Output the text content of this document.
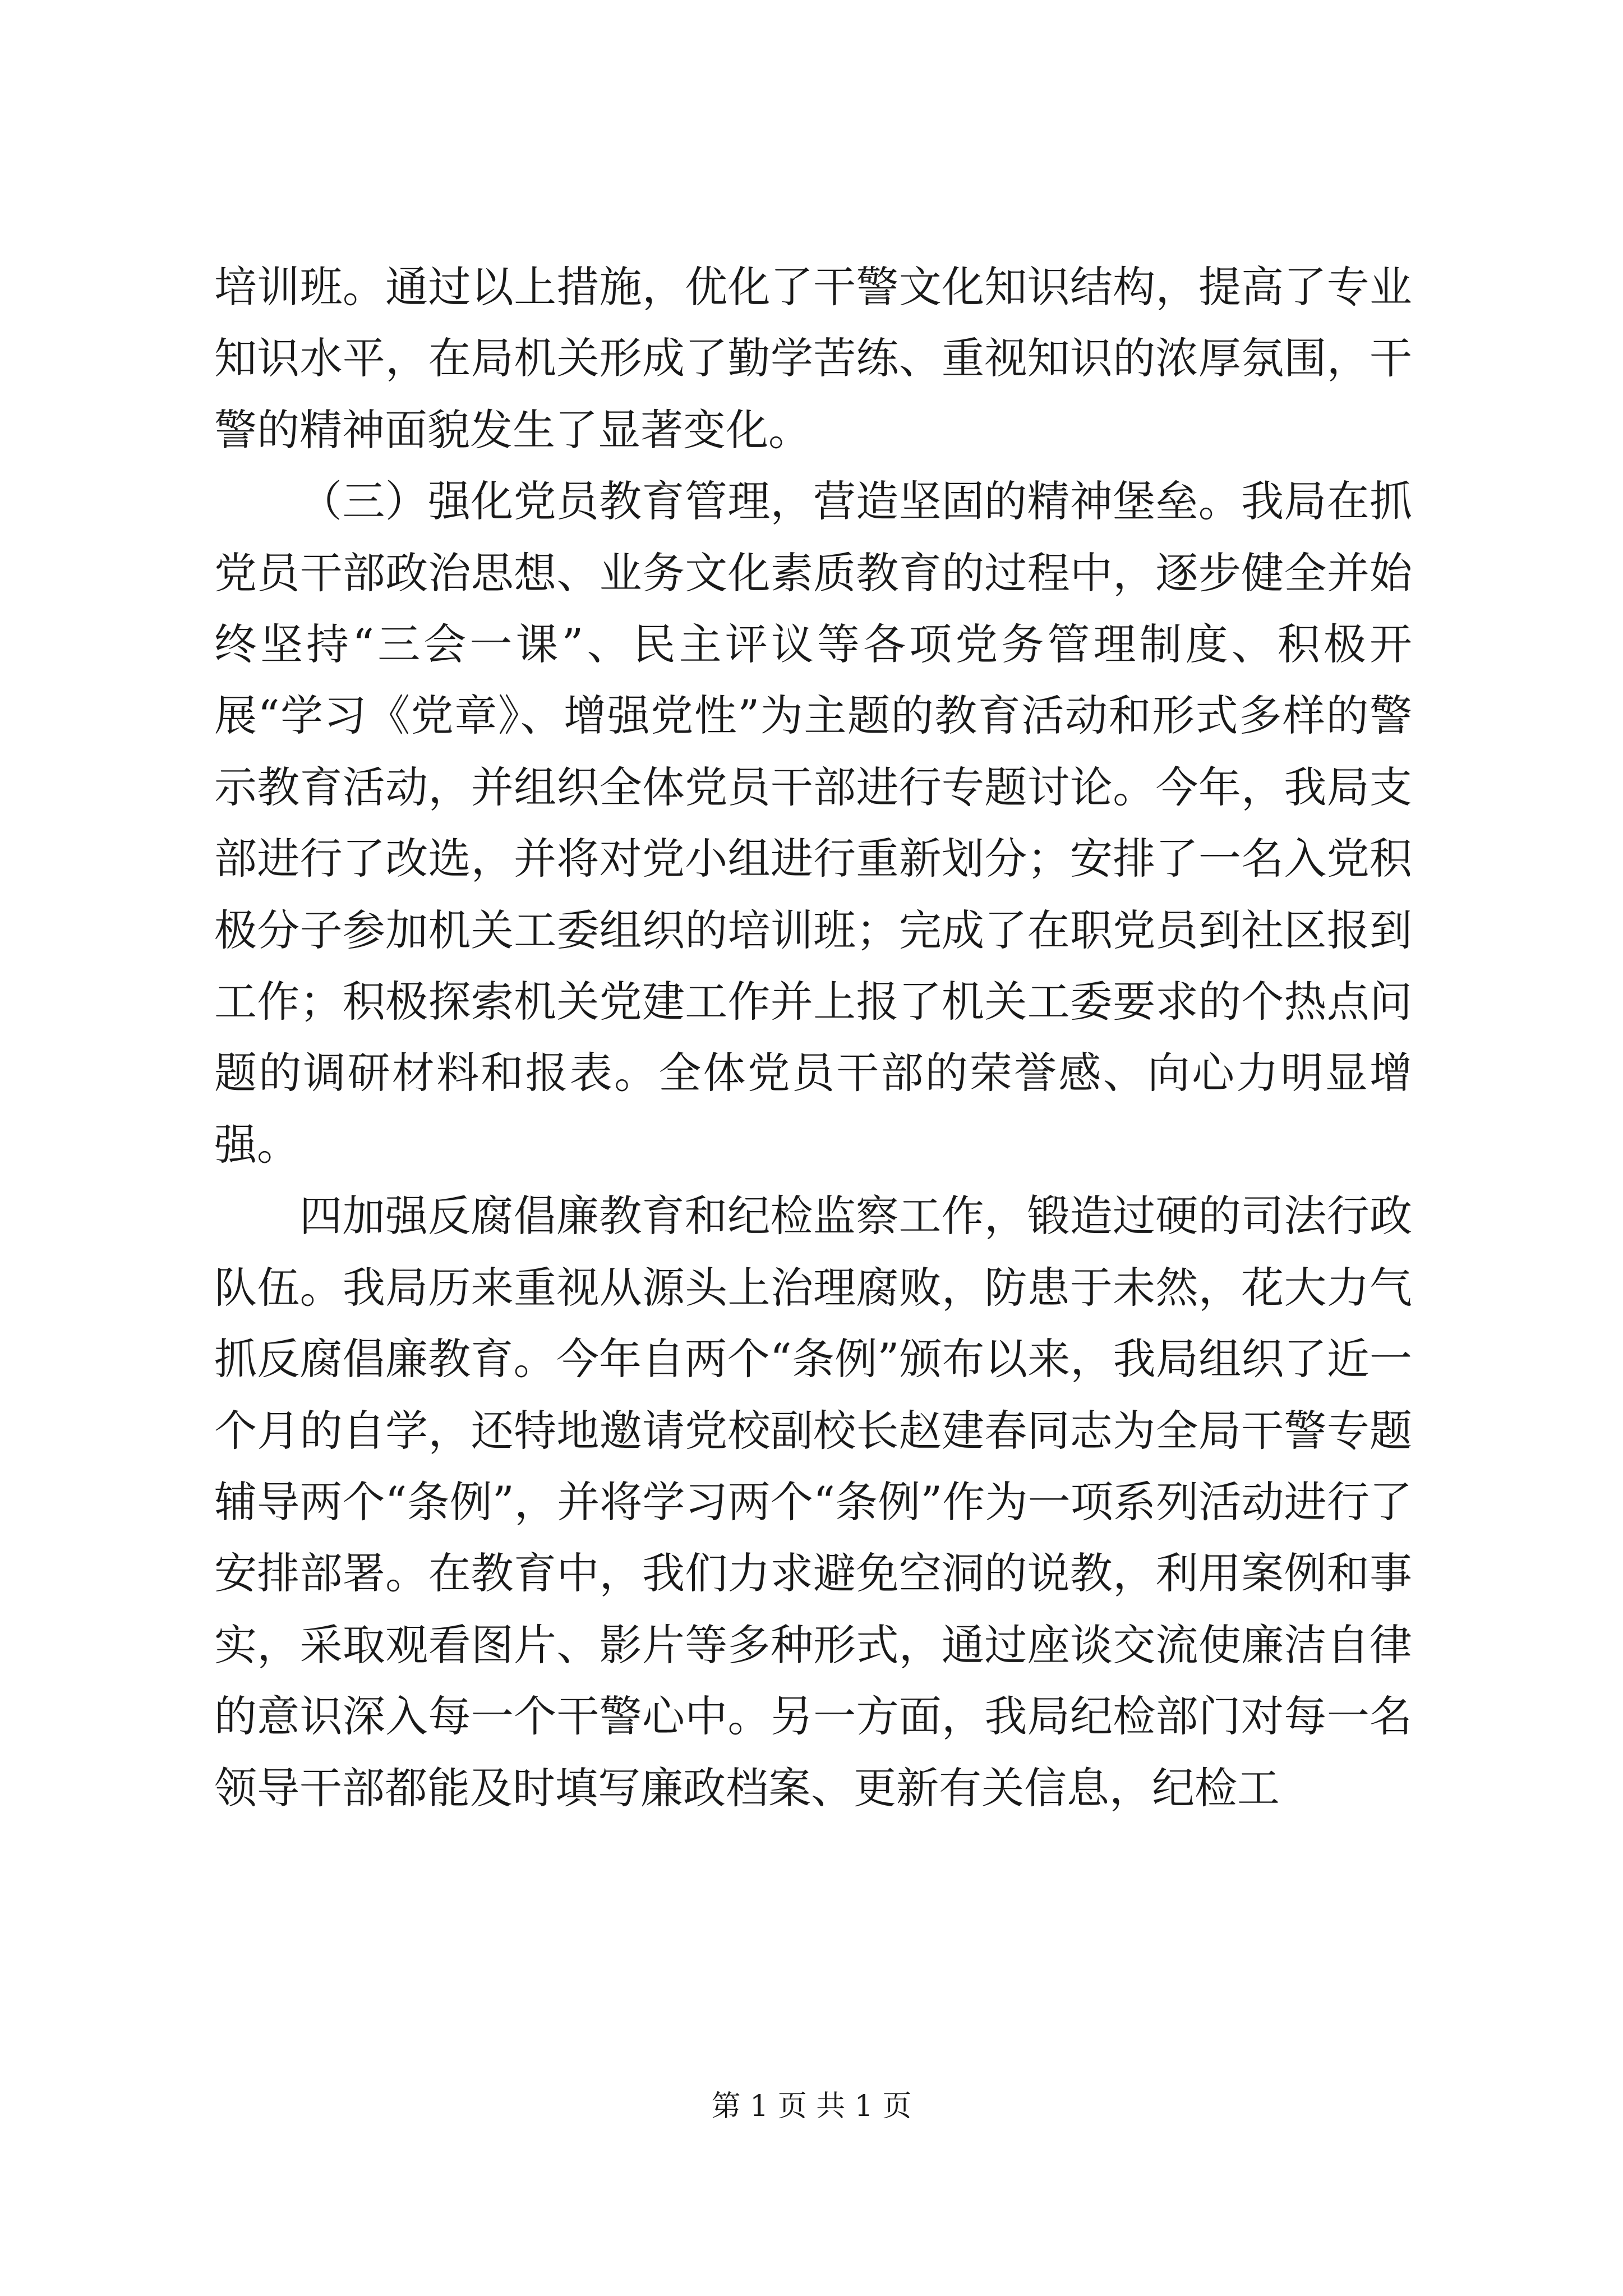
培训班。通过以上措施，优化了干警文化知识结构，提高了专业知识水平，在局机关形成了勤学苦练、重视知识的浓厚氛围，干警的精神面貌发生了显著变化。

（三）强化党员教育管理，营造坚固的精神堡垒。我局在抓党员干部政治思想、业务文化素质教育的过程中，逐步健全并始终坚持“三会一课”、民主评议等各项党务管理制度、积极开展“学习《党章》、增强党性”为主题的教育活动和形式多样的警示教育活动，并组织全体党员干部进行专题讨论。今年，我局支部进行了改选，并将对党小组进行重新划分；安排了一名入党积极分子参加机关工委组织的培训班；完成了在职党员到社区报到工作；积极探索机关党建工作并上报了机关工委要求的个热点问题的调研材料和报表。全体党员干部的荣誉感、向心力明显增强。

四加强反腐倡廉教育和纪检监察工作，锻造过硬的司法行政队伍。我局历来重视从源头上治理腐败，防患于未然，花大力气抓反腐倡廉教育。今年自两个“条例”颁布以来，我局组织了近一个月的自学，还特地邀请党校副校长赵建春同志为全局干警专题辅导两个“条例”，并将学习两个“条例”作为一项系列活动进行了安排部署。在教育中，我们力求避免空洞的说教，利用案例和事实，采取观看图片、影片等多种形式，通过座谈交流使廉洁自律的意识深入每一个干警心中。另一方面，我局纪检部门对每一名领导干部都能及时填写廉政档案、更新有关信息，纪检工

第 1 页 共 1 页
